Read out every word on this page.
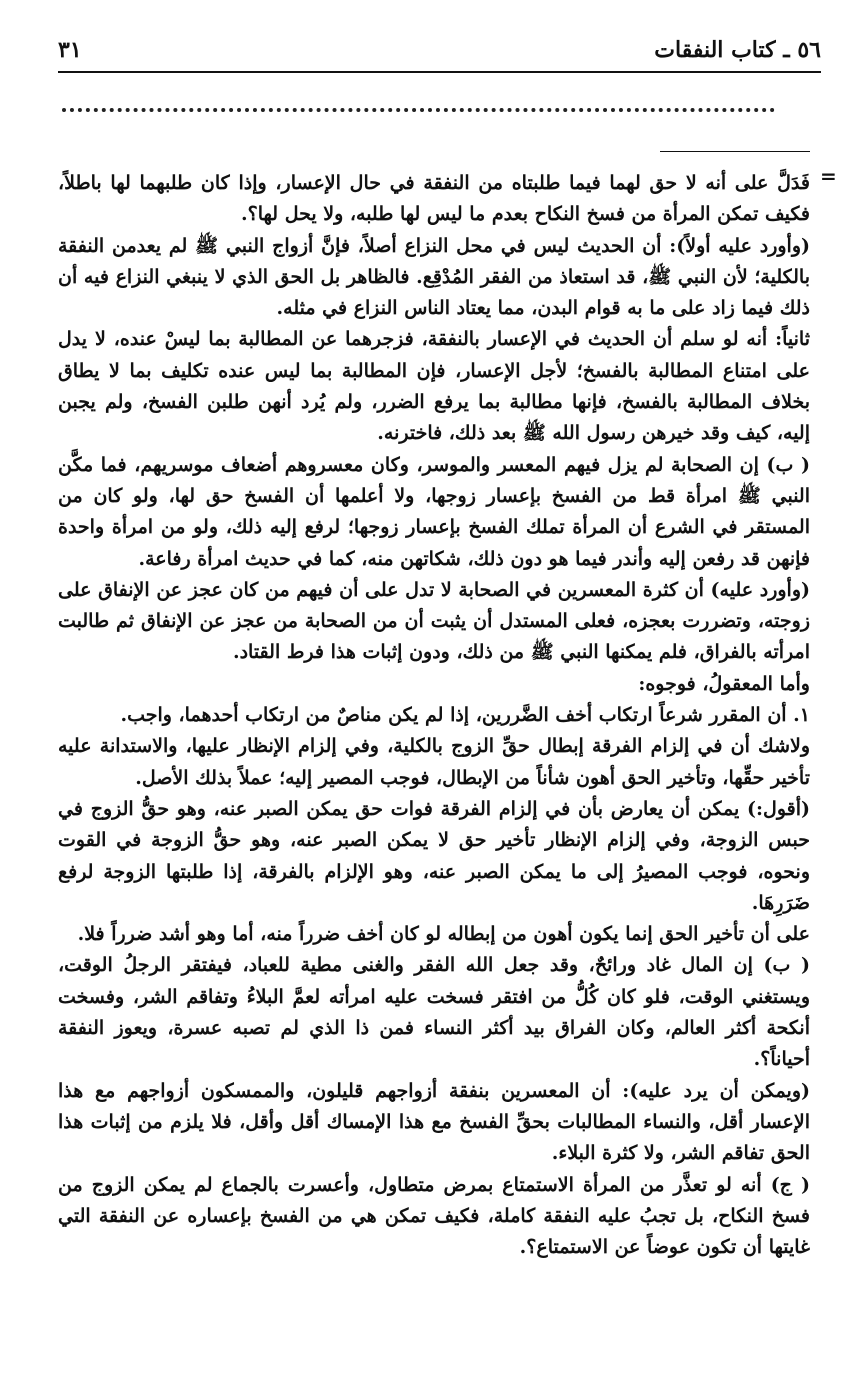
٥٦ ـ كتاب النفقات
٣١
=

فَدَلَّ على أنه لا حق لهما فيما طلبتاه من النفقة في حال الإعسار، وإذا كان طلبهما لها باطلاً، فكيف تمكن المرأة من فسخ النكاح بعدم ما ليس لها طلبه، ولا يحل لها؟.

(وأورد عليه أولاً): أن الحديث ليس في محل النزاع أصلاً، فإنَّ أزواج النبي ﷺ لم يعدمن النفقة بالكلية؛ لأن النبي ﷺ، قد استعاذ من الفقر المُدْقِع. فالظاهر بل الحق الذي لا ينبغي النزاع فيه أن ذلك فيما زاد على ما به قوام البدن، مما يعتاد الناس النزاع في مثله.

ثانياً: أنه لو سلم أن الحديث في الإعسار بالنفقة، فزجرهما عن المطالبة بما ليسْ عنده، لا يدل على امتناع المطالبة بالفسخ؛ لأجل الإعسار، فإن المطالبة بما ليس عنده تكليف بما لا يطاق بخلاف المطالبة بالفسخ، فإنها مطالبة بما يرفع الضرر، ولم يُرد أنهن طلبن الفسخ، ولم يجبن إليه، كيف وقد خيرهن رسول الله ﷺ بعد ذلك، فاخترنه.

( ب) إن الصحابة لم يزل فيهم المعسر والموسر، وكان معسروهم أضعاف موسريهم، فما مكَّن النبي ﷺ امرأة قط من الفسخ بإعسار زوجها، ولا أعلمها أن الفسخ حق لها، ولو كان من المستقر في الشرع أن المرأة تملك الفسخ بإعسار زوجها؛ لرفع إليه ذلك، ولو من امرأة واحدة فإنهن قد رفعن إليه وأندر فيما هو دون ذلك، شكاتهن منه، كما في حديث امرأة رفاعة.

(وأورد عليه) أن كثرة المعسرين في الصحابة لا تدل على أن فيهم من كان عجز عن الإنفاق على زوجته، وتضررت بعجزه، فعلى المستدل أن يثبت أن من الصحابة من عجز عن الإنفاق ثم طالبت امرأته بالفراق، فلم يمكنها النبي ﷺ من ذلك، ودون إثبات هذا فرط القتاد.

وأما المعقولُ، فوجوه:

١. أن المقرر شرعاً ارتكاب أخف الضَّررين، إذا لم يكن مناصٌ من ارتكاب أحدهما، واجب.

ولاشك أن في إلزام الفرقة إبطال حقِّ الزوج بالكلية، وفي إلزام الإنظار عليها، والاستدانة عليه تأخير حقِّها، وتأخير الحق أهون شأناً من الإبطال، فوجب المصير إليه؛ عملاً بذلك الأصل.

(أقول:) يمكن أن يعارض بأن في إلزام الفرقة فوات حق يمكن الصبر عنه، وهو حقُّ الزوج في حبس الزوجة، وفي إلزام الإنظار تأخير حق لا يمكن الصبر عنه، وهو حقُّ الزوجة في القوت ونحوه، فوجب المصيرُ إلى ما يمكن الصبر عنه، وهو الإلزام بالفرقة، إذا طلبتها الزوجة لرفع ضَرَرِهَا.

على أن تأخير الحق إنما يكون أهون من إبطاله لو كان أخف ضرراً منه، أما وهو أشد ضرراً فلا.

( ب) إن المال غاد ورائحٌ، وقد جعل الله الفقر والغنى مطية للعباد، فيفتقر الرجلُ الوقت، ويستغني الوقت، فلو كان كُلُّ من افتقر فسخت عليه امرأته لعمَّ البلاءُ وتفاقم الشر، وفسخت أنكحة أكثر العالم، وكان الفراق بيد أكثر النساء فمن ذا الذي لم تصبه عسرة، ويعوز النفقة أحياناً؟.

(ويمكن أن يرد عليه): أن المعسرين بنفقة أزواجهم قليلون، والممسكون أزواجهم مع هذا الإعسار أقل، والنساء المطالبات بحقِّ الفسخ مع هذا الإمساك أقل وأقل، فلا يلزم من إثبات هذا الحق تفاقم الشر، ولا كثرة البلاء.

( ج) أنه لو تعذَّر من المرأة الاستمتاع بمرض متطاول، وأعسرت بالجماع لم يمكن الزوج من فسخ النكاح، بل تجبُ عليه النفقة كاملة، فكيف تمكن هي من الفسخ بإعساره عن النفقة التي غايتها أن تكون عوضاً عن الاستمتاع؟.
